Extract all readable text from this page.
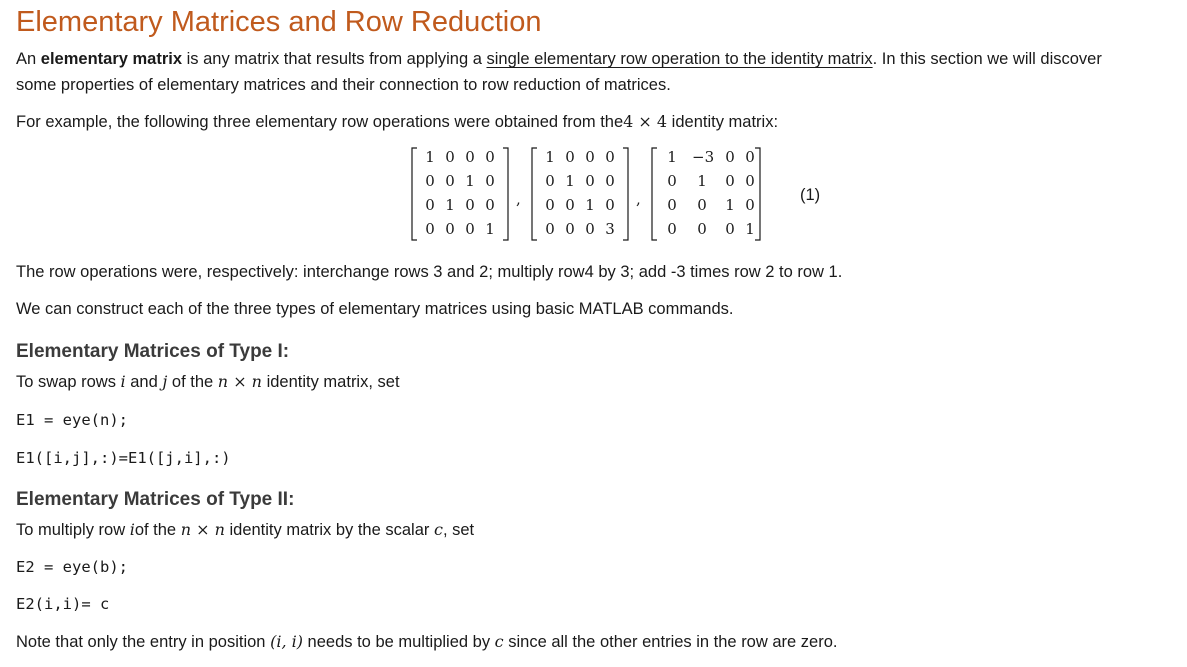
Elementary Matrices and Row Reduction

An elementary matrix is any matrix that results from applying a single elementary row operation to the identity matrix. In this section we will discover

some properties of elementary matrices and their connection to row reduction of matrices.

For example, the following three elementary row operations were obtained from the4 × 4 identity matrix:

1 0 0 0
0 0 1 0
0 1 0 0
0 0 0 1
,
1 0 0 0
0 1 0 0
0 0 1 0
0 0 0 3
,
1	−3 0 0
0	1	0 0
0	0	1 0
0	0	0 1
(1)

The row operations were, respectively: interchange rows 3 and 2; multiply row4 by 3; add -3 times row 2 to row 1.

We can construct each of the three types of elementary matrices using basic MATLAB commands.

Elementary Matrices of Type I:

To swap rows i and j of the n × n identity matrix, set

E1 = eye(n);
E1([i,j],:)=E1([j,i],:)
Elementary Matrices of Type II:

To multiply row iof the n × n identity matrix by the scalar c, set

E2 = eye(b);
E2(i,i)= c

Note that only the entry in position (i, i) needs to be multiplied by c since all the other entries in the row are zero.
